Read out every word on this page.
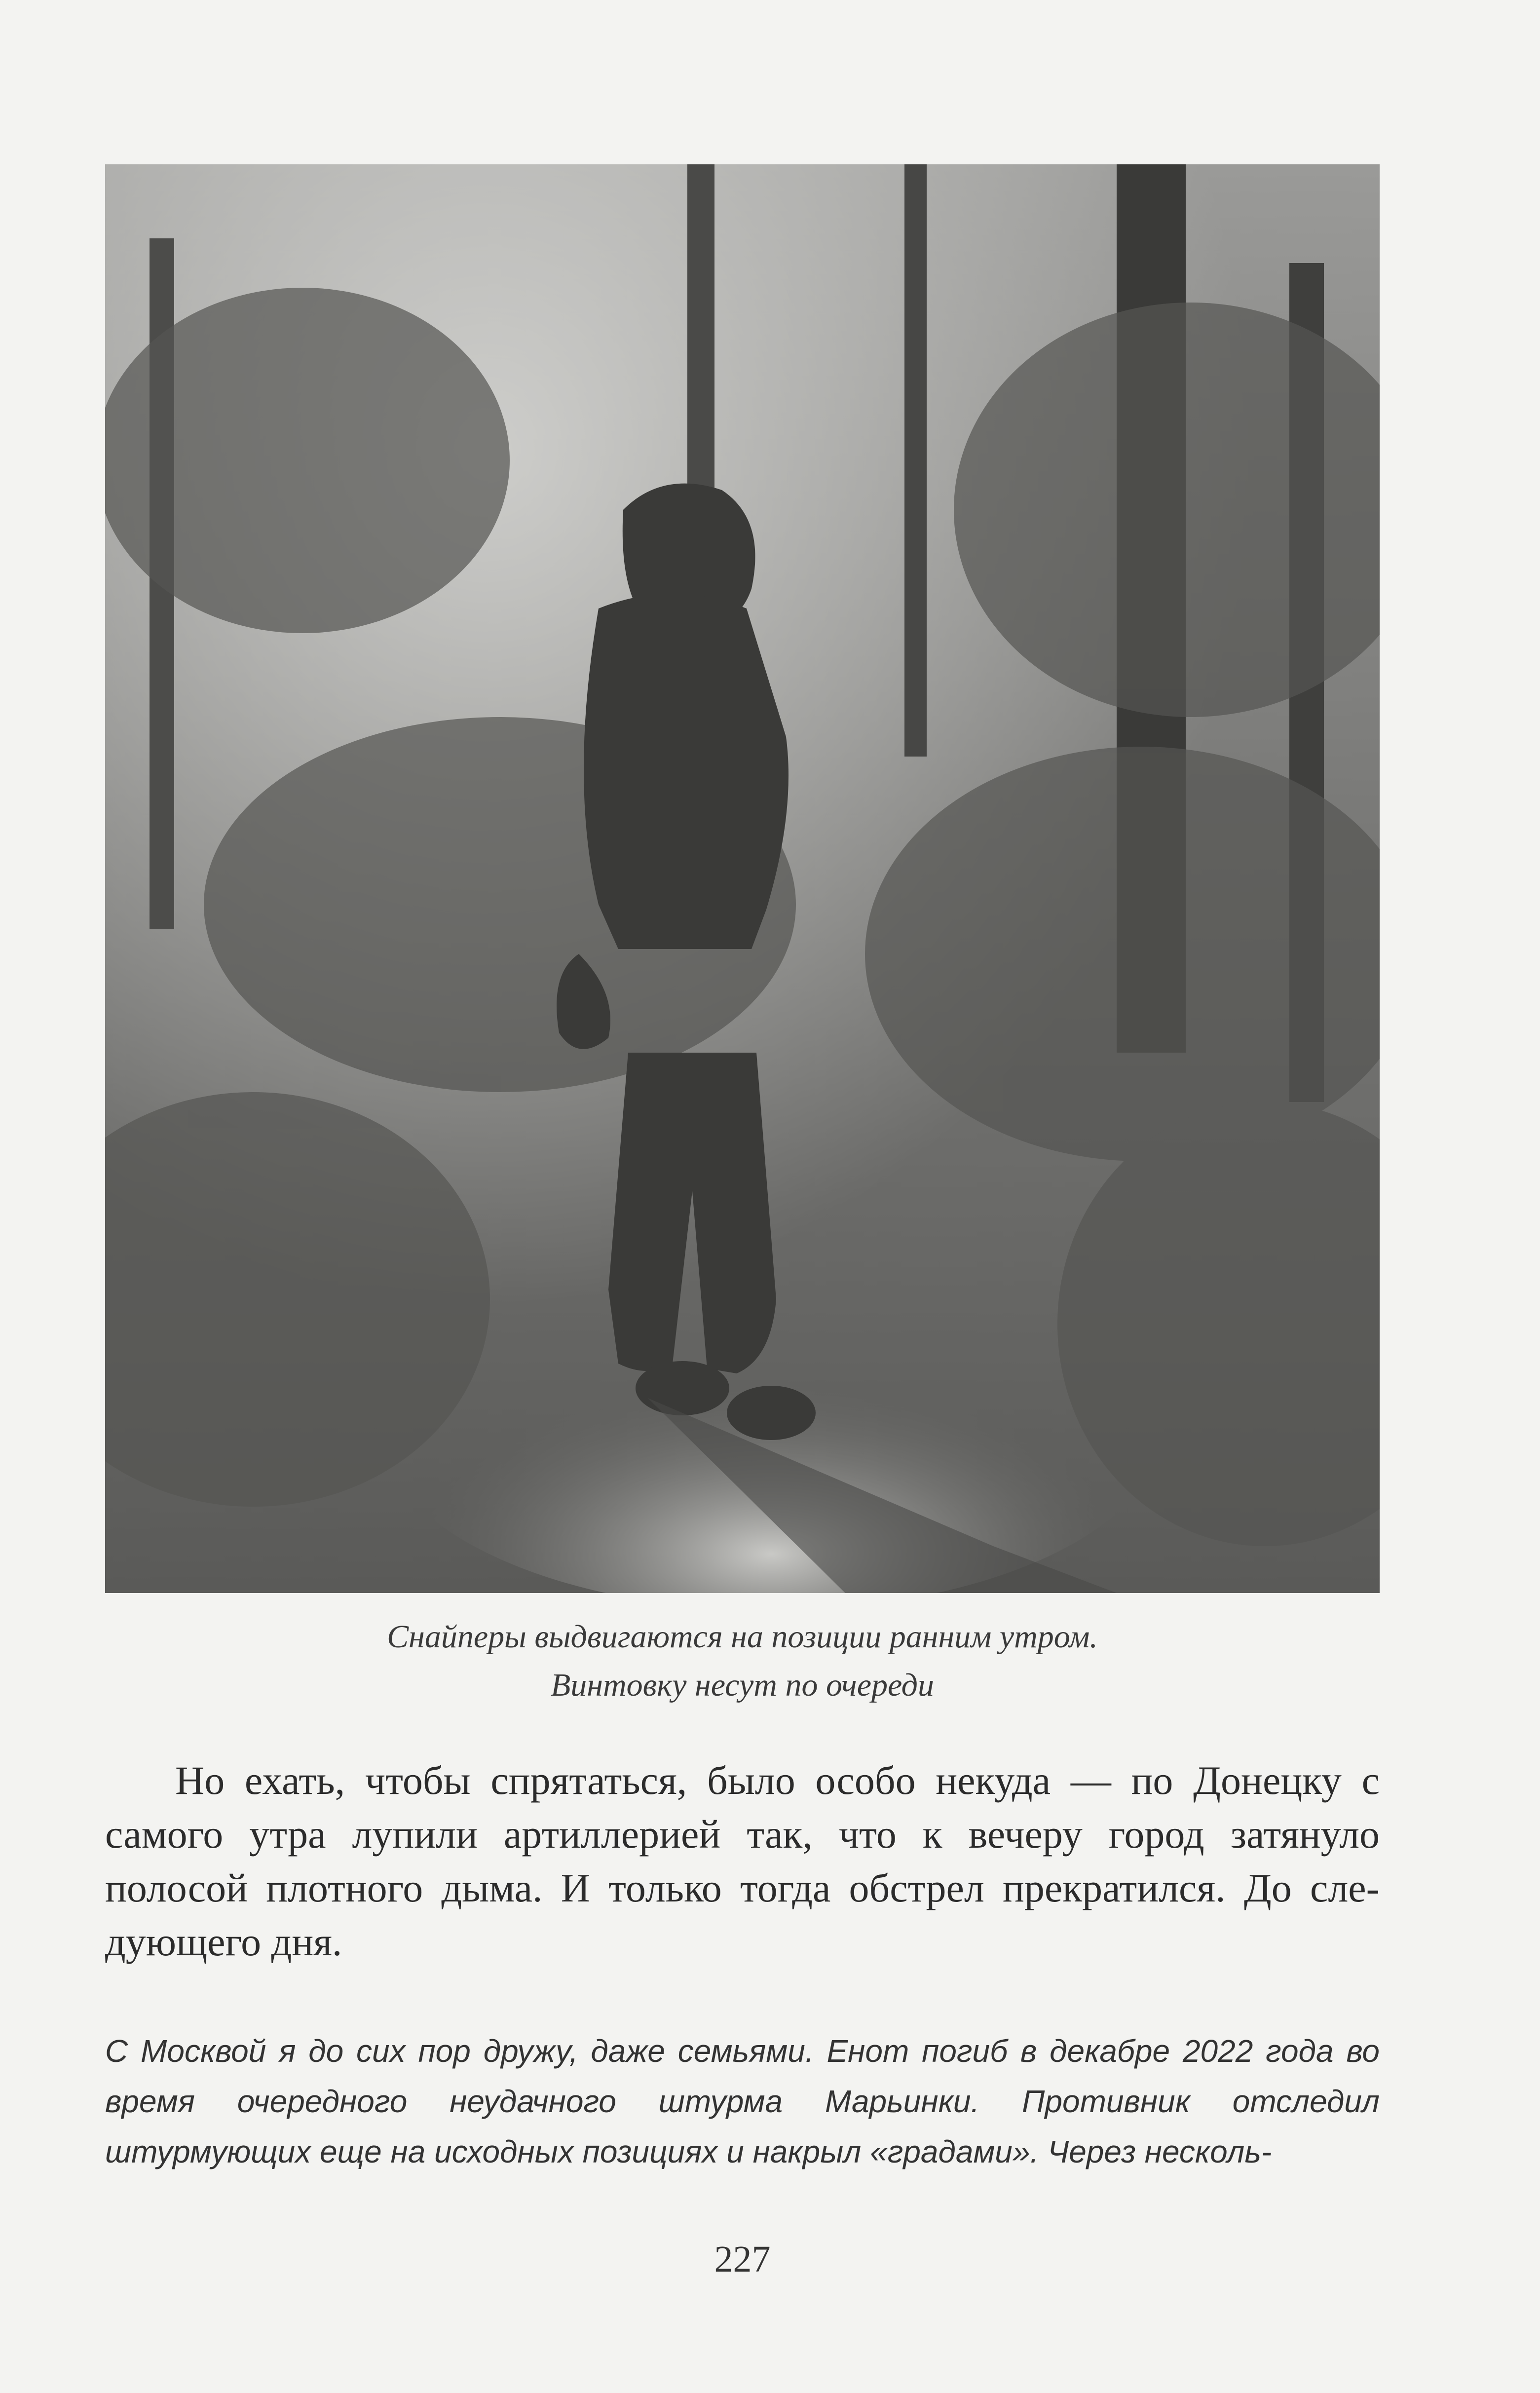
Снайперы выдвигаются на позиции ранним утром.
Винтовку несут по очереди

Но ехать, чтобы спрятаться, было особо некуда — по Донецку с самого утра лупили артиллерией так, что к вечеру город затянуло полосой плотного дыма. И только тогда обстрел прекратился. До сле-дующего дня.

С Москвой я до сих пор дружу, даже семьями. Енот погиб в декабре 2022 года во время очередного неудачного штурма Марьинки. Противник отследил штурмующих еще на исходных позициях и накрыл «градами». Через несколь-

227
